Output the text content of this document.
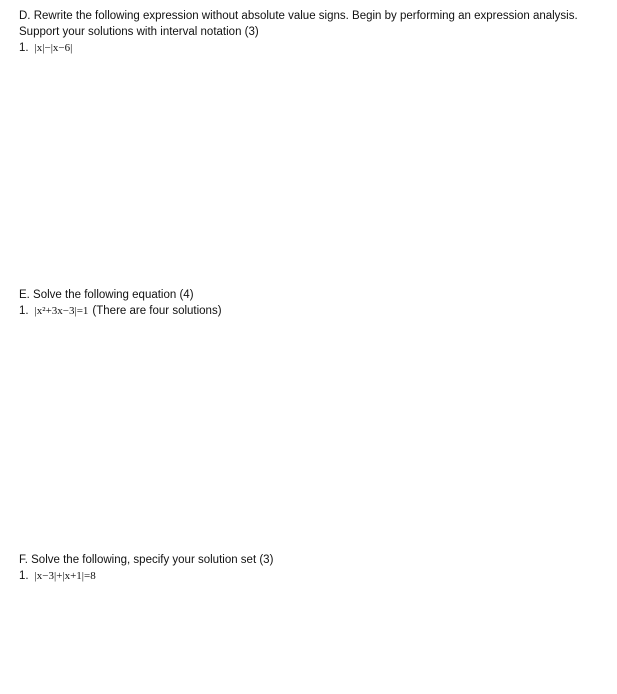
D. Rewrite the following expression without absolute value signs. Begin by performing an expression analysis. Support your solutions with interval notation (3)

1. |x|−|x−6|

E. Solve the following equation (4)

1. |x²+3x−3|=1 (There are four solutions)

F. Solve the following, specify your solution set (3)

1. |x−3|+|x+1|=8
